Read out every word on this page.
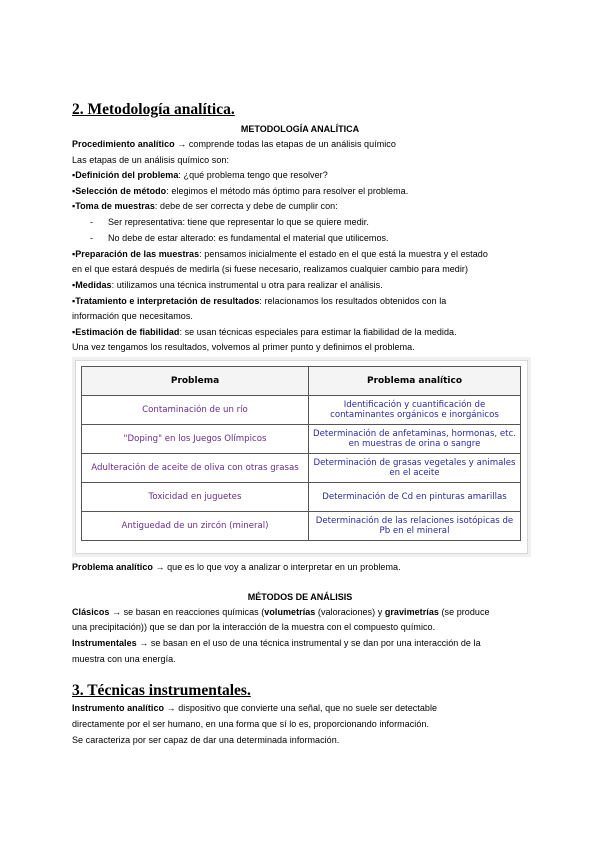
2. Metodología analítica.
METODOLOGÍA ANALÍTICA
Procedimiento analítico → comprende todas las etapas de un análisis químico
Las etapas de un análisis químico son:
▪Definición del problema: ¿qué problema tengo que resolver?
▪Selección de método: elegimos el método más óptimo para resolver el problema.
▪Toma de muestras: debe de ser correcta y debe de cumplir con:
- Ser representativa: tiene que representar lo que se quiere medir.
- No debe de estar alterado: es fundamental el material que utilicemos.
▪Preparación de las muestras: pensamos inicialmente el estado en el que está la muestra y el estado
en el que estará después de medirla (si fuese necesario, realizamos cualquier cambio para medir)
▪Medidas: utilizamos una técnica instrumental u otra para realizar el análisis.
▪Tratamiento e interpretación de resultados: relacionamos los resultados obtenidos con la
información que necesitamos.
▪Estimación de fiabilidad: se usan técnicas especiales para estimar la fiabilidad de la medida.
Una vez tengamos los resultados, volvemos al primer punto y definimos el problema.
Problema	Problema analítico
Contaminación de un río	Identificación y cuantificación de contaminantes orgánicos e inorgánicos
"Doping" en los Juegos Olímpicos	Determinación de anfetaminas, hormonas, etc. en muestras de orina o sangre
Adulteración de aceite de oliva con otras grasas	Determinación de grasas vegetales y animales en el aceite
Toxicidad en juguetes	Determinación de Cd en pinturas amarillas
Antiguedad de un zircón (mineral)	Determinación de las relaciones isotópicas de Pb en el mineral
Problema analítico → que es lo que voy a analizar o interpretar en un problema.
MÉTODOS DE ANÁLISIS
Clásicos → se basan en reacciones químicas (volumetrías (valoraciones) y gravimetrías (se produce
una precipitación)) que se dan por la interacción de la muestra con el compuesto químico.
Instrumentales → se basan en el uso de una técnica instrumental y se dan por una interacción de la
muestra con una energía.
3. Técnicas instrumentales.
Instrumento analítico → dispositivo que convierte una señal, que no suele ser detectable
directamente por el ser humano, en una forma que sí lo es, proporcionando información.
Se caracteriza por ser capaz de dar una determinada información.
